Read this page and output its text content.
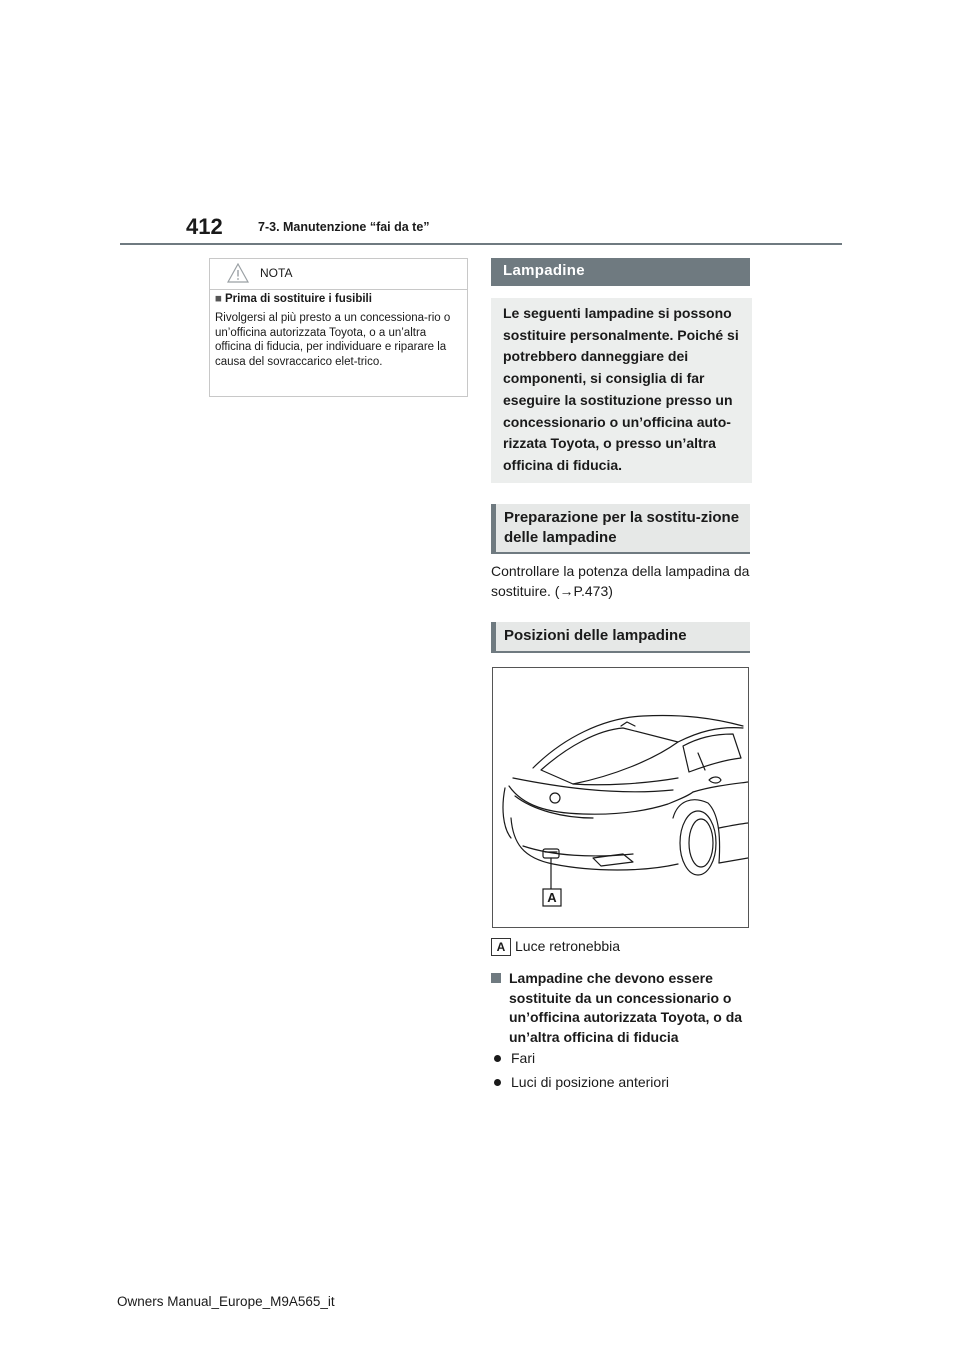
412	7-3. Manutenzione “fai da te”
NOTA
■ Prima di sostituire i fusibili
Rivolgersi al più presto a un concessiona-rio o un’officina autorizzata Toyota, o a un’altra officina di fiducia, per individuare e riparare la causa del sovraccarico elet-trico.
Lampadine
Le seguenti lampadine si possono sostituire personalmente. Poiché si potrebbero danneggiare dei componenti, si consiglia di far eseguire la sostituzione presso un concessionario o un’officina auto-rizzata Toyota, o presso un’altra officina di fiducia.
Preparazione per la sostitu-zione delle lampadine
Controllare la potenza della lampadina da sostituire. (→P.473)
Posizioni delle lampadine
A
A Luce retronebbia
Lampadine che devono essere sostituite da un concessionario o un’officina autorizzata Toyota, o da un’altra officina di fiducia
Fari
Luci di posizione anteriori
Owners Manual_Europe_M9A565_it
